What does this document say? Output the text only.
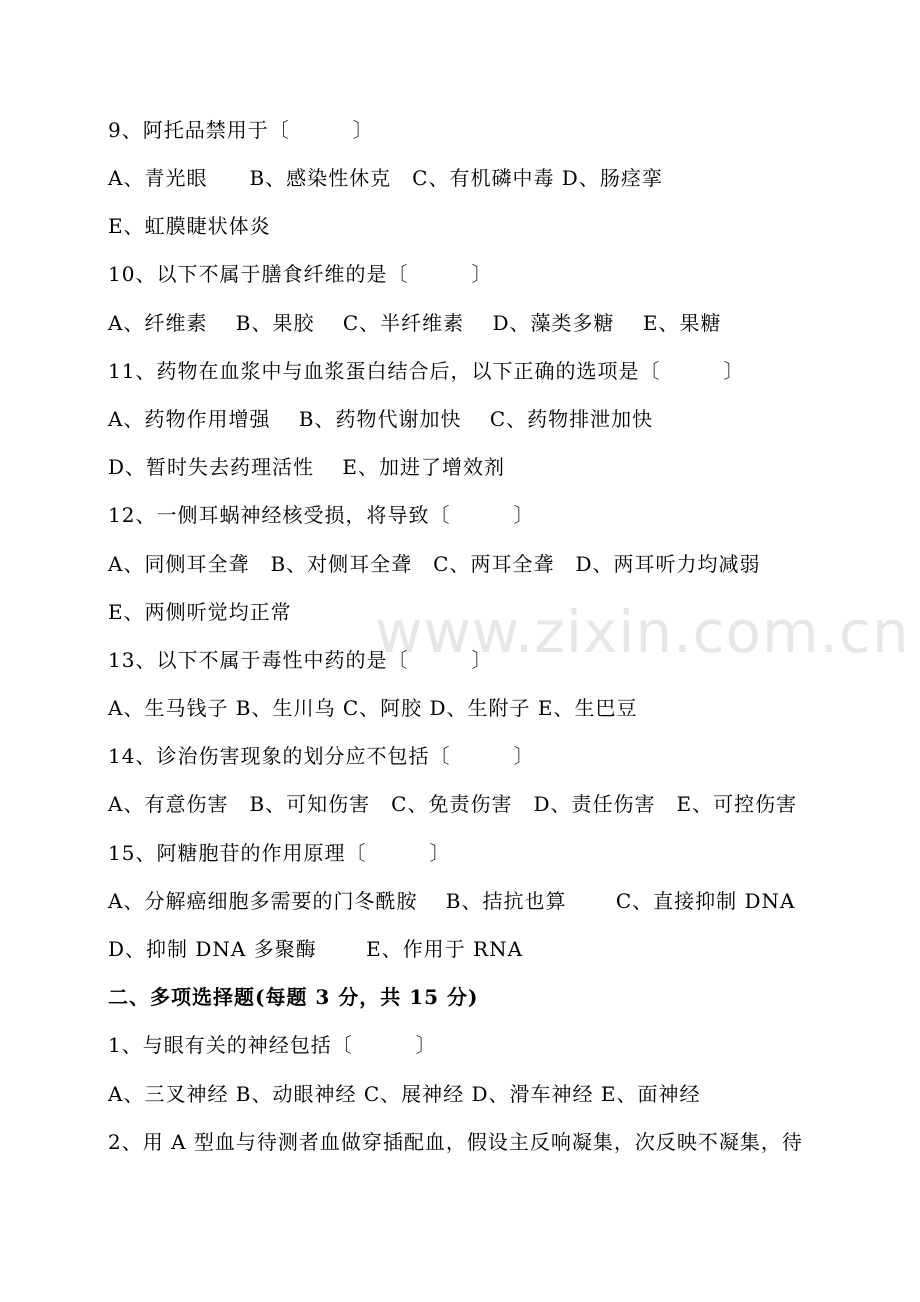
www.zixin.com.cn
9、阿托品禁用于〔　　　〕
A、青光眼　　B、感染性休克　C、有机磷中毒 D、肠痉挛
E、虹膜睫状体炎
10、以下不属于膳食纤维的是〔　　　〕
A、纤维素　 B、果胶　 C、半纤维素　 D、藻类多糖　 E、果糖
11、药物在血浆中与血浆蛋白结合后，以下正确的选项是〔　　　〕
A、药物作用增强　 B、药物代谢加快　 C、药物排泄加快
D、暂时失去药理活性　 E、加进了增效剂
12、一侧耳蜗神经核受损，将导致〔　　　〕
A、同侧耳全聋　B、对侧耳全聋　C、两耳全聋　D、两耳听力均减弱
E、两侧听觉均正常
13、以下不属于毒性中药的是〔　　　〕
A、生马钱子 B、生川乌 C、阿胶 D、生附子 E、生巴豆
14、诊治伤害现象的划分应不包括〔　　　〕
A、有意伤害　B、可知伤害　C、免责伤害　D、责任伤害　E、可控伤害
15、阿糖胞苷的作用原理〔　　　〕
A、分解癌细胞多需要的门冬酰胺　 B、拮抗也算　　 C、直接抑制 DNA
D、抑制 DNA 多聚酶　　 E、作用于 RNA
二、多项选择题(每题 3 分，共 15 分)
1、与眼有关的神经包括〔　　　〕
A、三叉神经 B、动眼神经 C、展神经 D、滑车神经 E、面神经
2、用 A 型血与待测者血做穿插配血，假设主反响凝集，次反映不凝集，待
